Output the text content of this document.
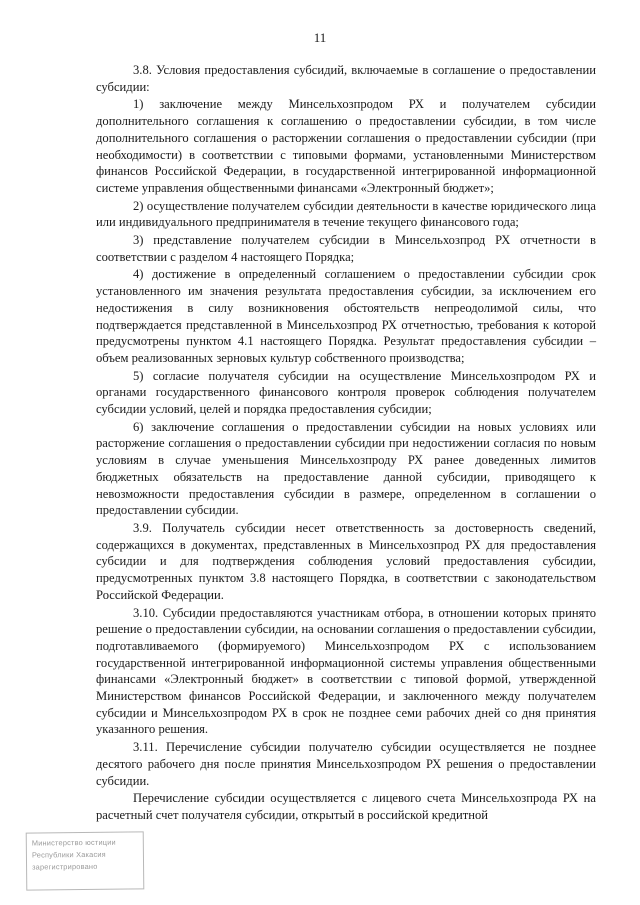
11

3.8. Условия предоставления субсидий, включаемые в соглашение о предоставлении субсидии:

1) заключение между Минсельхозпродом РХ и получателем субсидии дополнительного соглашения к соглашению о предоставлении субсидии, в том числе дополнительного соглашения о расторжении соглашения о предоставлении субсидии (при необходимости) в соответствии с типовыми формами, установленными Министерством финансов Российской Федерации, в государственной интегрированной информационной системе управления общественными финансами «Электронный бюджет»;

2) осуществление получателем субсидии деятельности в качестве юридического лица или индивидуального предпринимателя в течение текущего финансового года;

3) представление получателем субсидии в Минсельхозпрод РХ отчетности в соответствии с разделом 4 настоящего Порядка;

4) достижение в определенный соглашением о предоставлении субсидии срок установленного им значения результата предоставления субсидии, за исключением его недостижения в силу возникновения обстоятельств непреодолимой силы, что подтверждается представленной в Минсельхозпрод РХ отчетностью, требования к которой предусмотрены пунктом 4.1 настоящего Порядка. Результат предоставления субсидии – объем реализованных зерновых культур собственного производства;

5) согласие получателя субсидии на осуществление Минсельхозпродом РХ и органами государственного финансового контроля проверок соблюдения получателем субсидии условий, целей и порядка предоставления субсидии;

6) заключение соглашения о предоставлении субсидии на новых условиях или расторжение соглашения о предоставлении субсидии при недостижении согласия по новым условиям в случае уменьшения Минсельхозпроду РХ ранее доведенных лимитов бюджетных обязательств на предоставление данной субсидии, приводящего к невозможности предоставления субсидии в размере, определенном в соглашении о предоставлении субсидии.

3.9. Получатель субсидии несет ответственность за достоверность сведений, содержащихся в документах, представленных в Минсельхозпрод РХ для предоставления субсидии и для подтверждения соблюдения условий предоставления субсидии, предусмотренных пунктом 3.8 настоящего Порядка, в соответствии с законодательством Российской Федерации.

3.10. Субсидии предоставляются участникам отбора, в отношении которых принято решение о предоставлении субсидии, на основании соглашения о предоставлении субсидии, подготавливаемого (формируемого) Минсельхозпродом РХ с использованием государственной интегрированной информационной системы управления общественными финансами «Электронный бюджет» в соответствии с типовой формой, утвержденной Министерством финансов Российской Федерации, и заключенного между получателем субсидии и Минсельхозпродом РХ в срок не позднее семи рабочих дней со дня принятия указанного решения.

3.11. Перечисление субсидии получателю субсидии осуществляется не позднее десятого рабочего дня после принятия Минсельхозпродом РХ решения о предоставлении субсидии.

Перечисление субсидии осуществляется с лицевого счета Минсельхозпрода РХ на расчетный счет получателя субсидии, открытый в российской кредитной

Министерство юстиции
Республики Хакасия
зарегистрировано
